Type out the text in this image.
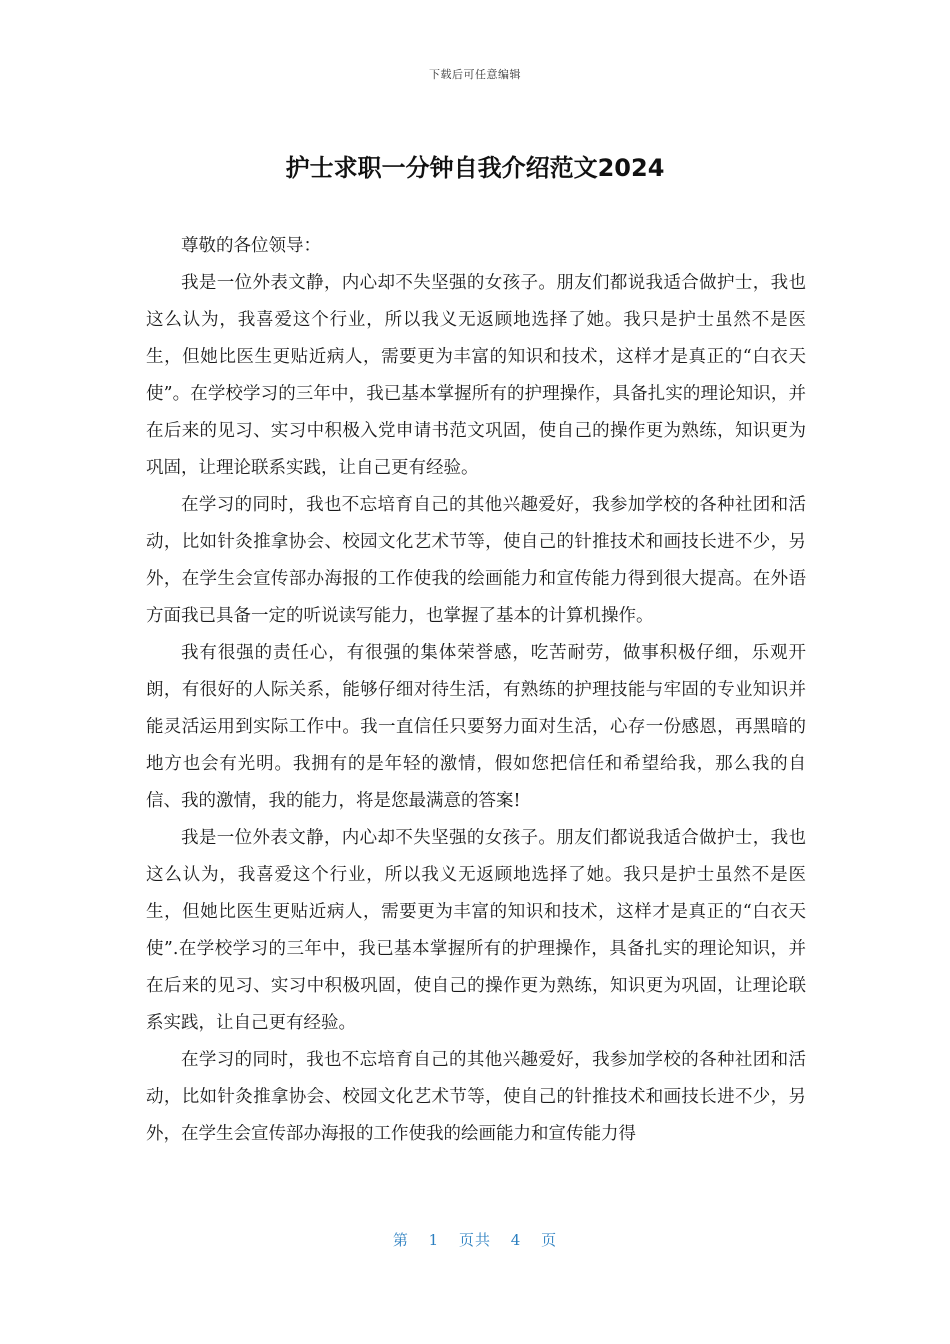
下载后可任意编辑
护士求职一分钟自我介绍范文2024

尊敬的各位领导：

我是一位外表文静，内心却不失坚强的女孩子。朋友们都说我适合做护士，我也这么认为，我喜爱这个行业，所以我义无返顾地选择了她。我只是护士虽然不是医生，但她比医生更贴近病人，需要更为丰富的知识和技术，这样才是真正的“白衣天使”。在学校学习的三年中，我已基本掌握所有的护理操作，具备扎实的理论知识，并在后来的见习、实习中积极入党申请书范文巩固，使自己的操作更为熟练，知识更为巩固，让理论联系实践，让自己更有经验。

在学习的同时，我也不忘培育自己的其他兴趣爱好，我参加学校的各种社团和活动，比如针灸推拿协会、校园文化艺术节等，使自己的针推技术和画技长进不少，另外，在学生会宣传部办海报的工作使我的绘画能力和宣传能力得到很大提高。在外语方面我已具备一定的听说读写能力，也掌握了基本的计算机操作。

我有很强的责任心，有很强的集体荣誉感，吃苦耐劳，做事积极仔细，乐观开朗，有很好的人际关系，能够仔细对待生活，有熟练的护理技能与牢固的专业知识并能灵活运用到实际工作中。我一直信任只要努力面对生活，心存一份感恩，再黑暗的地方也会有光明。我拥有的是年轻的激情，假如您把信任和希望给我，那么我的自信、我的激情，我的能力，将是您最满意的答案!

我是一位外表文静，内心却不失坚强的女孩子。朋友们都说我适合做护士，我也这么认为，我喜爱这个行业，所以我义无返顾地选择了她。我只是护士虽然不是医生，但她比医生更贴近病人，需要更为丰富的知识和技术，这样才是真正的“白衣天使”.在学校学习的三年中，我已基本掌握所有的护理操作，具备扎实的理论知识，并在后来的见习、实习中积极巩固，使自己的操作更为熟练，知识更为巩固，让理论联系实践，让自己更有经验。

在学习的同时，我也不忘培育自己的其他兴趣爱好，我参加学校的各种社团和活动，比如针灸推拿协会、校园文化艺术节等，使自己的针推技术和画技长进不少，另外，在学生会宣传部办海报的工作使我的绘画能力和宣传能力得

第 1 页共 4 页
